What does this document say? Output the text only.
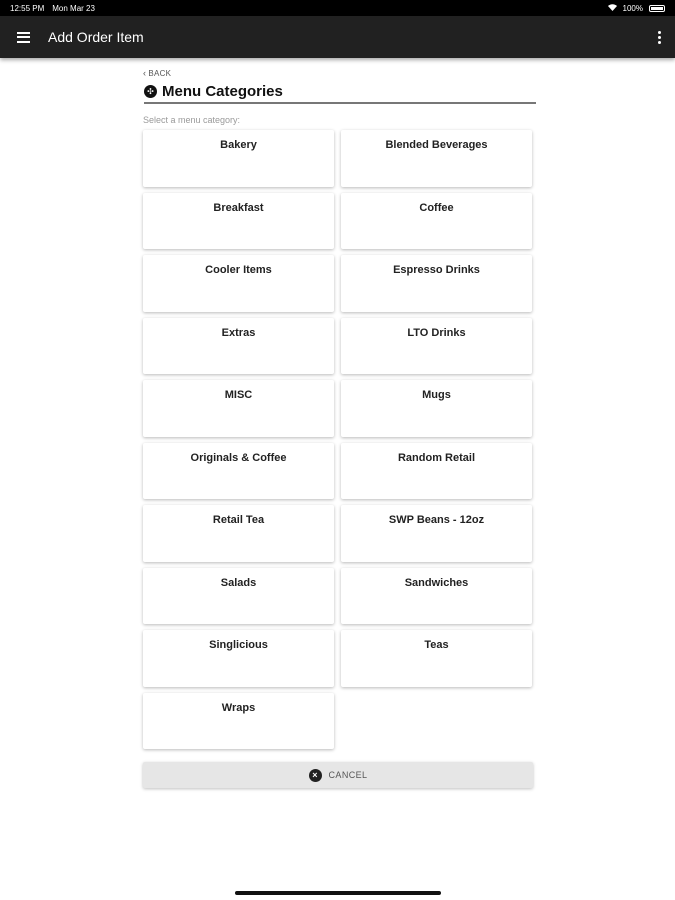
12:55 PM Mon Mar 23	100%
Add Order Item
‹ BACK
✣ Menu Categories
Select a menu category:
Bakery	Blended Beverages
Breakfast	Coffee
Cooler Items	Espresso Drinks
Extras	LTO Drinks
MISC	Mugs
Originals & Coffee	Random Retail
Retail Tea	SWP Beans - 12oz
Salads	Sandwiches
Singlicious	Teas
Wraps
×	CANCEL
